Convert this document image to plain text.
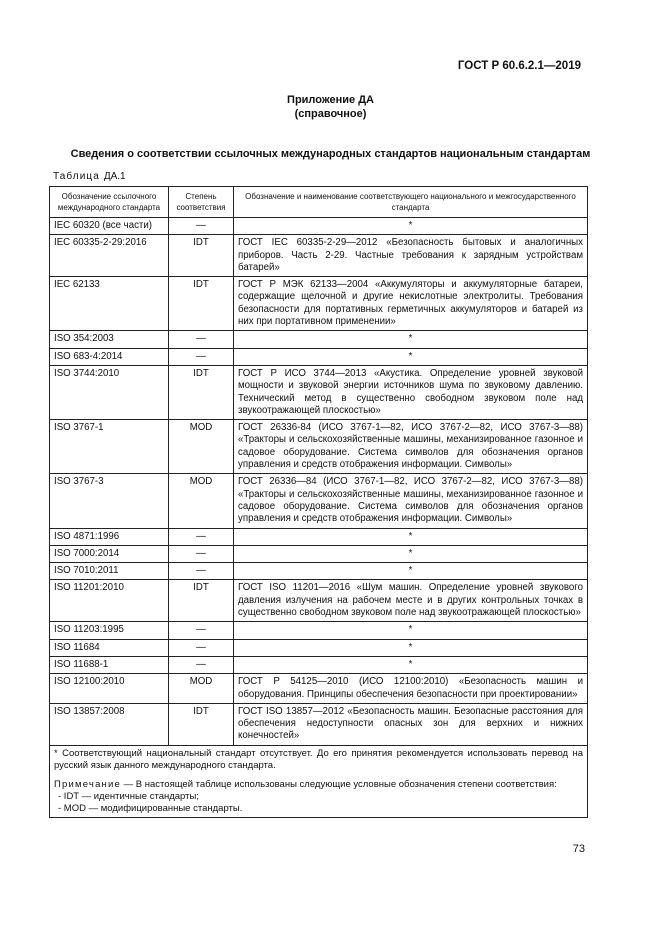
ГОСТ Р 60.6.2.1—2019
Приложение ДА
(справочное)
Сведения о соответствии ссылочных международных стандартов национальным стандартам
Таблица ДА.1
Обозначение ссылочного международного стандарта	Степень соответствия	Обозначение и наименование соответствующего национального и межгосударственного стандарта
IEC 60320 (все части)	—	*
IEC 60335-2-29:2016	IDT	ГОСТ IEC 60335-2-29—2012 «Безопасность бытовых и аналогичных приборов. Часть 2-29. Частные требования к зарядным устройствам батарей»
IEC 62133	IDT	ГОСТ Р МЭК 62133—2004 «Аккумуляторы и аккумуляторные батареи, содержащие щелочной и другие некислотные электролиты. Требования безопасности для портативных герметичных аккумуляторов и батарей из них при портативном применении»
ISO 354:2003	—	*
ISO 683-4:2014	—	*
ISO 3744:2010	IDT	ГОСТ Р ИСО 3744—2013 «Акустика. Определение уровней звуковой мощности и звуковой энергии источников шума по звуковому давлению. Технический метод в существенно свободном звуковом поле над звукоотражающей плоскостью»
ISO 3767-1	MOD	ГОСТ 26336-84 (ИСО 3767-1—82, ИСО 3767-2—82, ИСО 3767-3—88) «Тракторы и сельскохозяйственные машины, механизированное газонное и садовое оборудование. Система символов для обозначения органов управления и средств отображения информации. Символы»
ISO 3767-3	MOD	ГОСТ 26336—84 (ИСО 3767-1—82, ИСО 3767-2—82, ИСО 3767-3—88) «Тракторы и сельскохозяйственные машины, механизированное газонное и садовое оборудование. Система символов для обозначения органов управления и средств отображения информации. Символы»
ISO 4871:1996	—	*
ISO 7000:2014	—	*
ISO 7010:2011	—	*
ISO 11201:2010	IDT	ГОСТ ISO 11201—2016 «Шум машин. Определение уровней звукового давления излучения на рабочем месте и в других контрольных точках в существенно свободном звуковом поле над звукоотражающей плоскостью»
ISO 11203:1995	—	*
ISO 11684	—	*
ISO 11688-1	—	*
ISO 12100:2010	MOD	ГОСТ Р 54125—2010 (ИСО 12100:2010) «Безопасность машин и оборудования. Принципы обеспечения безопасности при проектировании»
ISO 13857:2008	IDT	ГОСТ ISO 13857—2012 «Безопасность машин. Безопасные расстояния для обеспечения недоступности опасных зон для верхних и нижних конечностей»

* Соответствующий национальный стандарт отсутствует. До его принятия рекомендуется использовать перевод на русский язык данного международного стандарта.

Примечание — В настоящей таблице использованы следующие условные обозначения степени соответствия:

- IDT — идентичные стандарты;

- MOD — модифицированные стандарты.		

73
